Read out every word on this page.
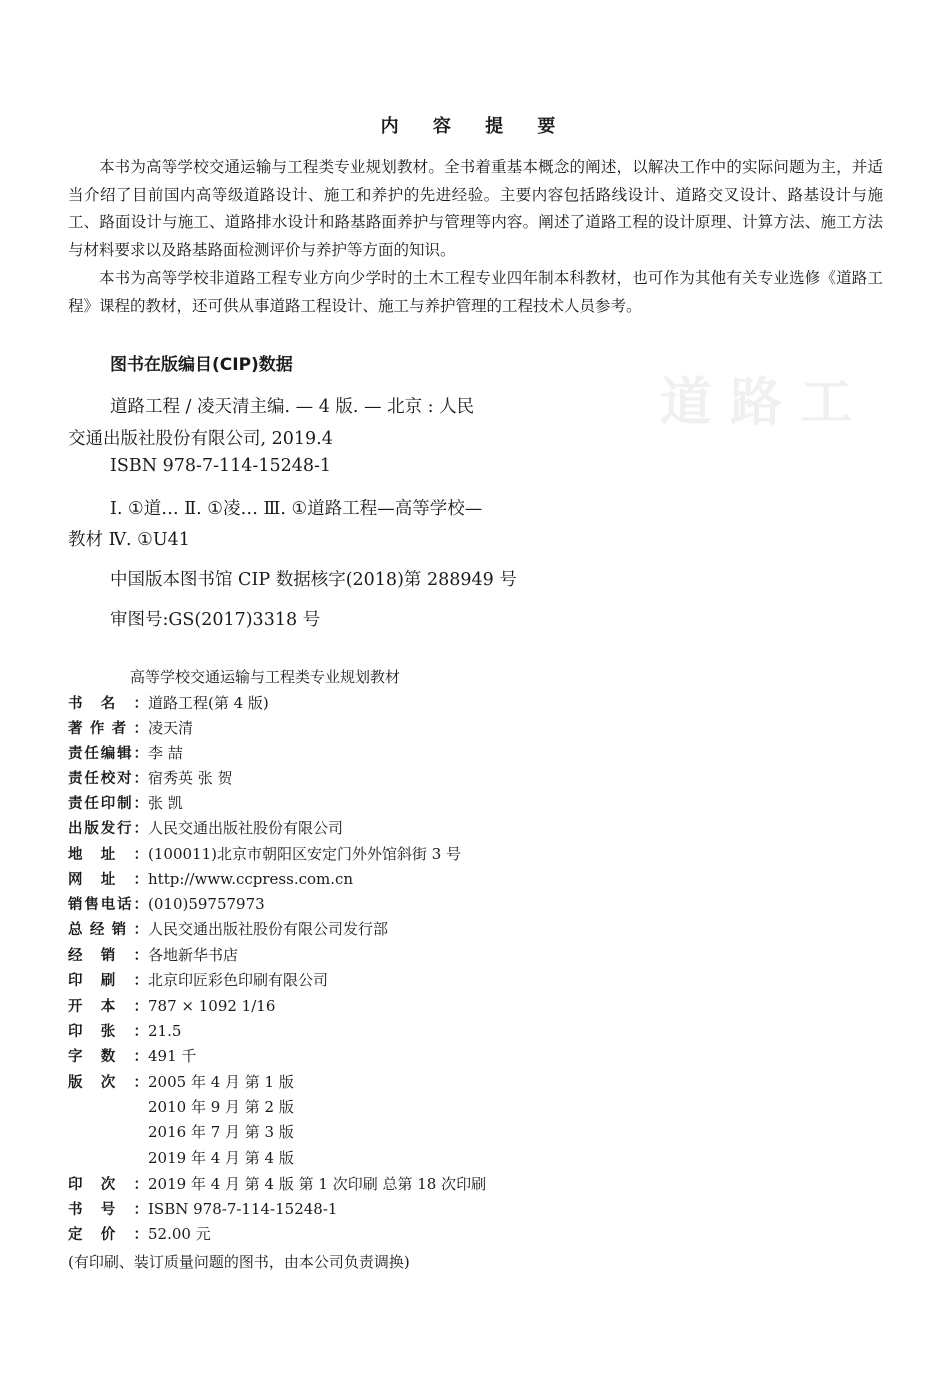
道 路 工
内 容 提 要

本书为高等学校交通运输与工程类专业规划教材。全书着重基本概念的阐述，以解决工作中的实际问题为主，并适当介绍了目前国内高等级道路设计、施工和养护的先进经验。主要内容包括路线设计、道路交叉设计、路基设计与施工、路面设计与施工、道路排水设计和路基路面养护与管理等内容。阐述了道路工程的设计原理、计算方法、施工方法与材料要求以及路基路面检测评价与养护等方面的知识。

本书为高等学校非道路工程专业方向少学时的土木工程专业四年制本科教材，也可作为其他有关专业选修《道路工程》课程的教材，还可供从事道路工程设计、施工与养护管理的工程技术人员参考。

图书在版编目(CIP)数据
道路工程 / 凌天清主编. — 4 版. — 北京 : 人民
交通出版社股份有限公司, 2019.4
ISBN 978-7-114-15248-1
Ⅰ. ①道… Ⅱ. ①凌… Ⅲ. ①道路工程—高等学校—
教材 Ⅳ. ①U41
中国版本图书馆 CIP 数据核字(2018)第 288949 号
审图号:GS(2017)3318 号
高等学校交通运输与工程类专业规划教材
书名：道路工程(第 4 版)
著作者：凌天清
责任编辑：李 喆
责任校对：宿秀英 张 贺
责任印制：张 凯
出版发行：人民交通出版社股份有限公司
地址：(100011)北京市朝阳区安定门外外馆斜街 3 号
网址：http://www.ccpress.com.cn
销售电话：(010)59757973
总经销：人民交通出版社股份有限公司发行部
经销：各地新华书店
印刷：北京印匠彩色印刷有限公司
开本：787 × 1092 1/16
印张：21.5
字数：491 千
版次：2005 年 4 月 第 1 版
2010 年 9 月 第 2 版
2016 年 7 月 第 3 版
2019 年 4 月 第 4 版
印次：2019 年 4 月 第 4 版 第 1 次印刷 总第 18 次印刷
书号：ISBN 978-7-114-15248-1
定价：52.00 元
(有印刷、装订质量问题的图书，由本公司负责调换)
